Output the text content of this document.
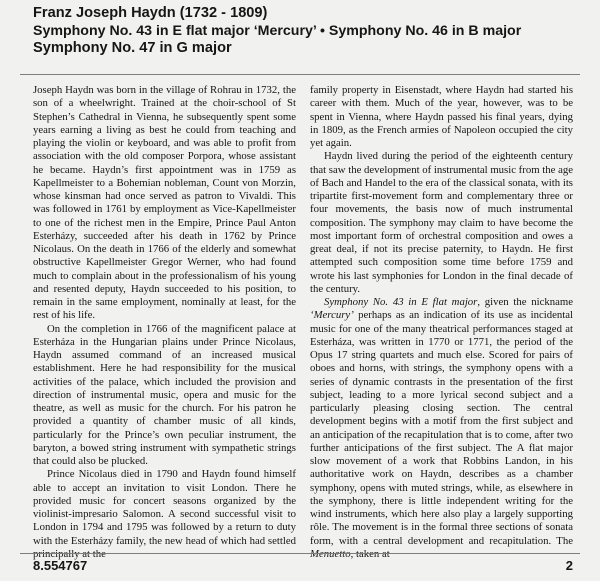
Franz Joseph Haydn (1732 - 1809)
Symphony No. 43 in E flat major ‘Mercury’ • Symphony No. 46 in B major
Symphony No. 47 in G major

Joseph Haydn was born in the village of Rohrau in 1732, the son of a wheelwright. Trained at the choir-school of St Stephen’s Cathedral in Vienna, he subsequently spent some years earning a living as best he could from teaching and playing the violin or keyboard, and was able to profit from association with the old composer Porpora, whose assistant he became. Haydn’s first appointment was in 1759 as Kapellmeister to a Bohemian nobleman, Count von Morzin, whose kinsman had once served as patron to Vivaldi. This was followed in 1761 by employment as Vice-Kapellmeister to one of the richest men in the Empire, Prince Paul Anton Esterházy, succeeded after his death in 1762 by Prince Nicolaus. On the death in 1766 of the elderly and somewhat obstructive Kapellmeister Gregor Werner, who had found much to complain about in the professionalism of his young and resented deputy, Haydn succeeded to his position, to remain in the same employment, nominally at least, for the rest of his life.

On the completion in 1766 of the magnificent palace at Esterháza in the Hungarian plains under Prince Nicolaus, Haydn assumed command of an increased musical establishment. Here he had responsibility for the musical activities of the palace, which included the provision and direction of instrumental music, opera and music for the theatre, as well as music for the church. For his patron he provided a quantity of chamber music of all kinds, particularly for the Prince’s own peculiar instrument, the baryton, a bowed string instrument with sympathetic strings that could also be plucked.

Prince Nicolaus died in 1790 and Haydn found himself able to accept an invitation to visit London. There he provided music for concert seasons organized by the violinist-impresario Salomon. A second successful visit to London in 1794 and 1795 was followed by a return to duty with the Esterházy family, the new head of which had settled

family property in Eisenstadt, where Haydn had started his career with them. Much of the year, however, was to be spent in Vienna, where Haydn passed his final years, dying in 1809, as the French armies of Napoleon occupied the city yet again.

Haydn lived during the period of the eighteenth century that saw the development of instrumental music from the age of Bach and Handel to the era of the classical sonata, with its tripartite first-movement form and complementary three or four movements, the basis now of much instrumental composition. The symphony may claim to have become the most important form of orchestral composition and owes a great deal, if not its precise paternity, to Haydn. He first attempted such composition some time before 1759 and wrote his last symphonies for London in the final decade of the century.

Symphony No. 43 in E flat major, given the nickname ‘Mercury’ perhaps as an indication of its use as incidental music for one of the many theatrical performances staged at Esterháza, was written in 1770 or 1771, the period of the Opus 17 string quartets and much else. Scored for pairs of oboes and horns, with strings, the symphony opens with a series of dynamic contrasts in the presentation of the first subject, leading to a more lyrical second subject and a particularly pleasing closing section. The central development begins with a motif from the first subject and an anticipation of the recapitulation that is to come, after two further anticipations of the first subject. The A flat major slow movement of a work that Robbins Landon, in his authoritative work on Haydn, describes as a chamber symphony, opens with muted strings, while, as elsewhere in the symphony, there is little independent writing for the wind instruments, which here also play a largely supporting rôle. The movement is in the formal three sections of sonata form, with a central development and recapitulation. The

8.554767	2
